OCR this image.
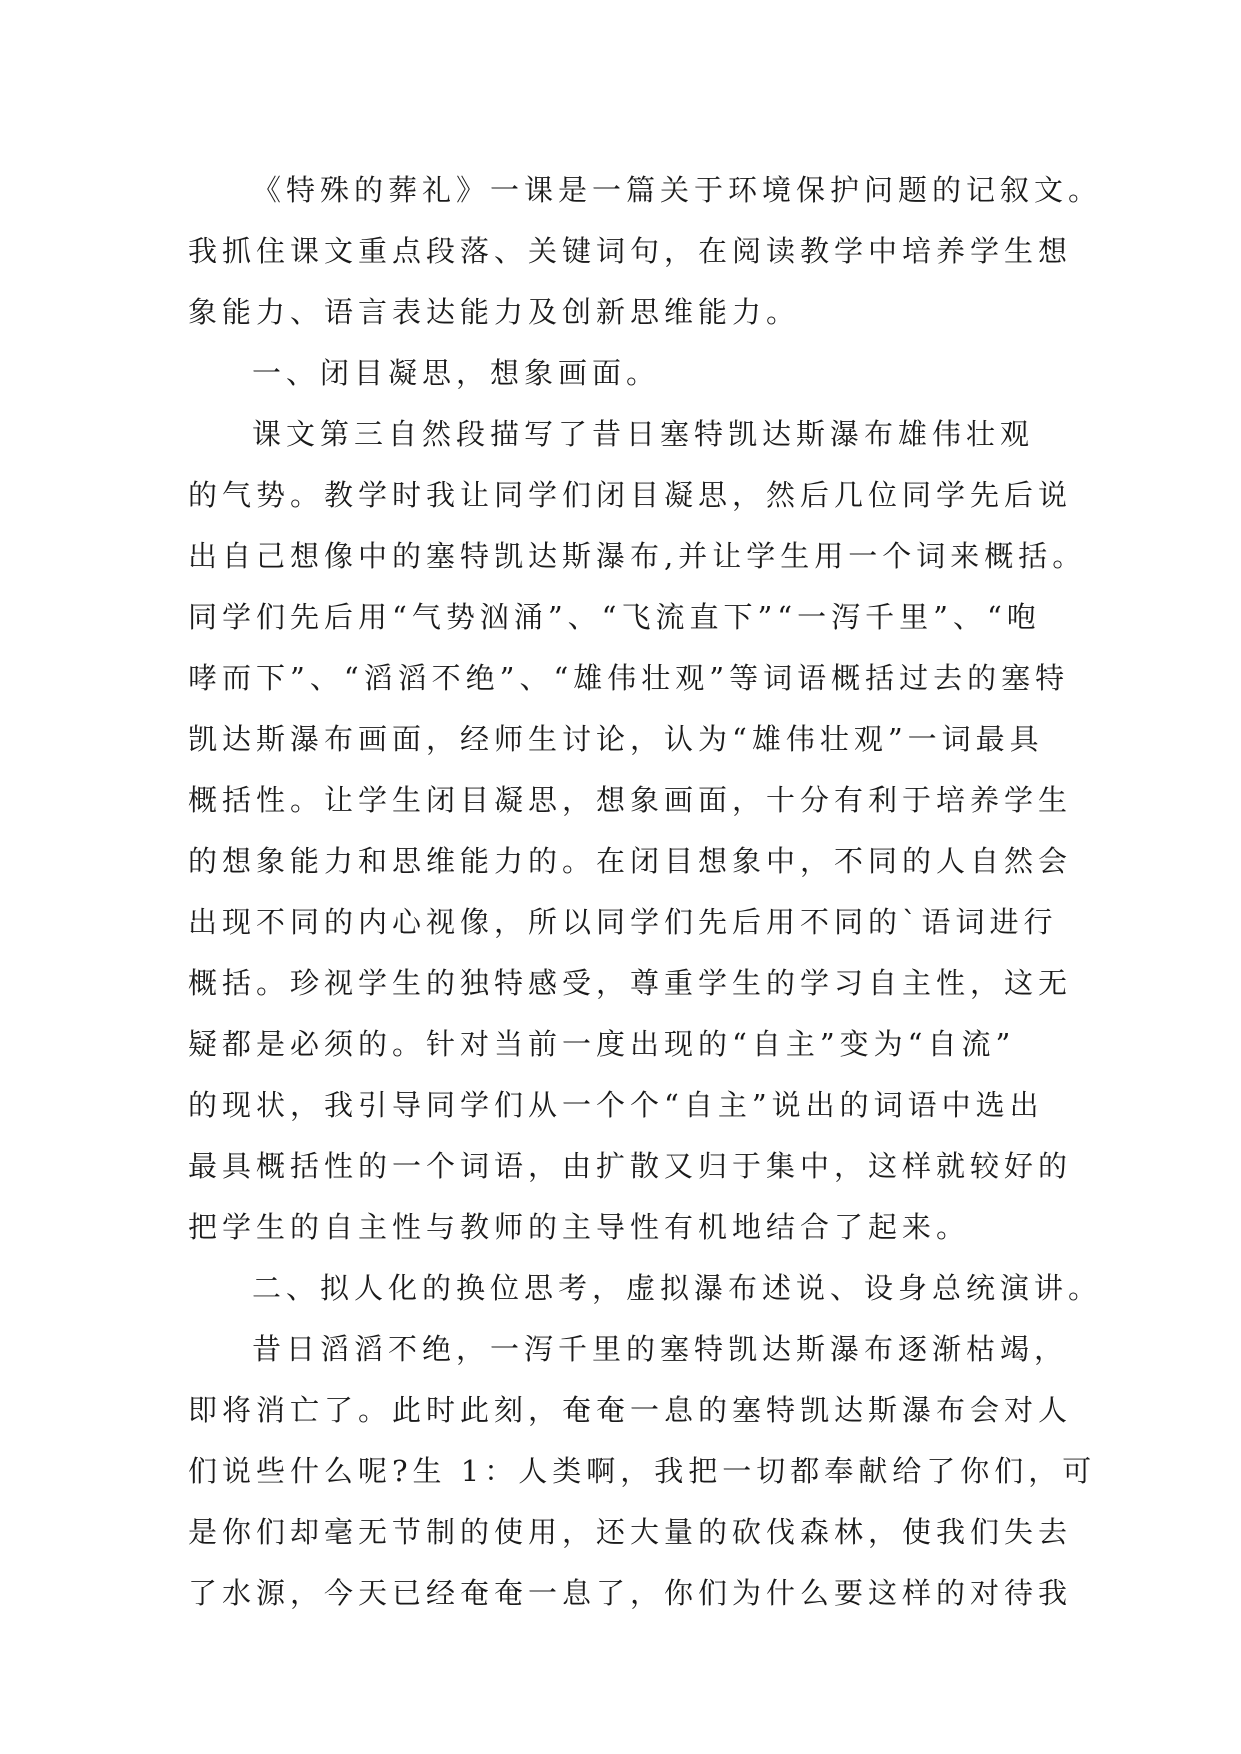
《特殊的葬礼》一课是一篇关于环境保护问题的记叙文。
我抓住课文重点段落、关键词句，在阅读教学中培养学生想
象能力、语言表达能力及创新思维能力。
一、闭目凝思，想象画面。
课文第三自然段描写了昔日塞特凯达斯瀑布雄伟壮观
的气势。教学时我让同学们闭目凝思，然后几位同学先后说
出自己想像中的塞特凯达斯瀑布,并让学生用一个词来概括。
同学们先后用“气势汹涌”、“飞流直下”“一泻千里”、“咆
哮而下”、“滔滔不绝”、“雄伟壮观”等词语概括过去的塞特
凯达斯瀑布画面，经师生讨论，认为“雄伟壮观”一词最具
概括性。让学生闭目凝思，想象画面，十分有利于培养学生
的想象能力和思维能力的。在闭目想象中，不同的人自然会
出现不同的内心视像，所以同学们先后用不同的`语词进行
概括。珍视学生的独特感受，尊重学生的学习自主性，这无
疑都是必须的。针对当前一度出现的“自主”变为“自流”
的现状，我引导同学们从一个个“自主”说出的词语中选出
最具概括性的一个词语，由扩散又归于集中，这样就较好的
把学生的自主性与教师的主导性有机地结合了起来。
二、拟人化的换位思考，虚拟瀑布述说、设身总统演讲。
昔日滔滔不绝，一泻千里的塞特凯达斯瀑布逐渐枯竭，
即将消亡了。此时此刻，奄奄一息的塞特凯达斯瀑布会对人
们说些什么呢?生 1：人类啊，我把一切都奉献给了你们，可
是你们却毫无节制的使用，还大量的砍伐森林，使我们失去
了水源，今天已经奄奄一息了，你们为什么要这样的对待我
